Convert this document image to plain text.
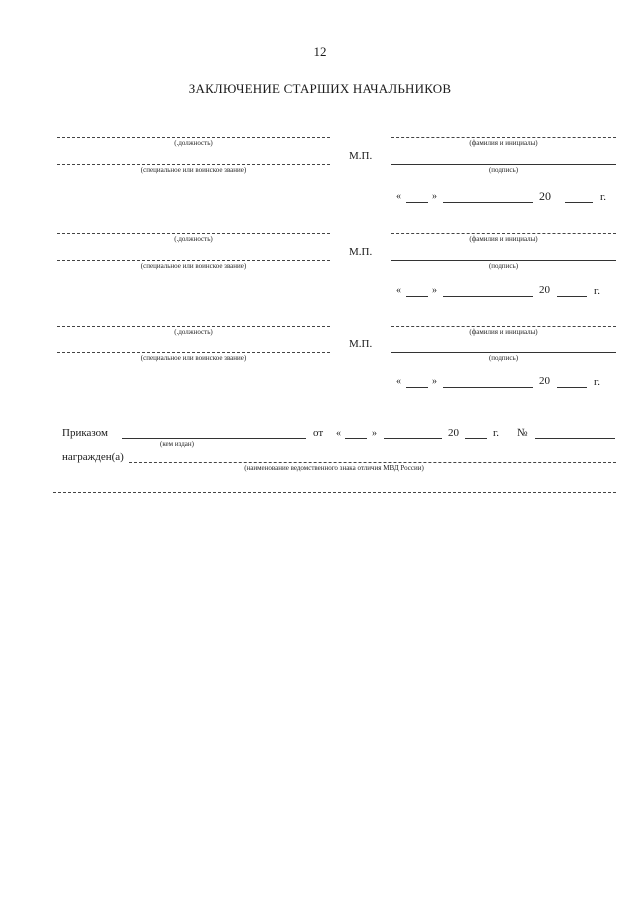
12
ЗАКЛЮЧЕНИЕ СТАРШИХ НАЧАЛЬНИКОВ
(.должность)
(специальное или воинское звание)
М.П.
(фамилия и инициалы)
(подпись)
«	»	20	г.
(.должность)
(специальное или воинское звание)
М.П.
(фамилия и инициалы)
(подпись)
«	»	20	г.
(.должность)
(специальное или воинское звание)
М.П.
(фамилия и инициалы)
(подпись)
«	»	20	г.
Приказом
(кем издан)
от «	»	20	г. №
награжден(а)
(наименование ведомственного знака отличия МВД России)
